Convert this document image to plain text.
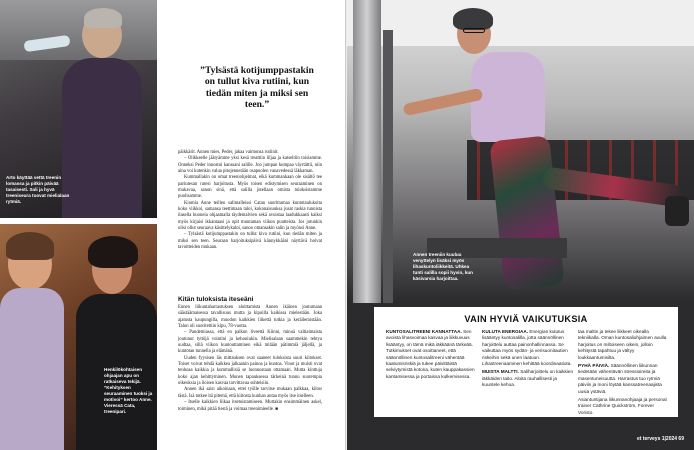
Arto käyttää vettä treenin lomassa ja pitkin päivää tasaisesti. Sali ja hyvä treeniseura tuovat mielialaan rytmiä.
Henkilökohtaisen ohjaajan apu on ratkaiseva tekijä. ”Kehityksen seuraaminen tuoksi ja motivoi” kertoo Anne. Vieressä Cata, treenipari.
”Tylsästä kotijumppastakin on tullut kiva rutiini, kun tiedän miten ja miksi sen teen.”

päikkärit. Annen mies, Peder, jakaa vaimonsa rutiinit.

– Olikkeelle jäätyämme yksi kesä treattiin liljaa ja katseltiin toisiamme. Onneksi Peder innostui kanssani salille. Joo jumpan kumpaa väyrtättii, niin aina voi kutenkin valua pitojennetään osapuolen vanavedessä läkkaman.

Kummallakin on omat treeniohjelmat, eikä kummankaan ole sisältö tee pariutesan rutesi harjoitusta. Myös toisen edistymisen seuraaminen on mukavaa, sanon sinä, että salilla jutellaan omista tuloksistamme puolisamme.

Kiomia Anne teillen salimalleissi Catan suorittamaa kuntotaulukoita koko viikkoi, samansa teettimaan taloi, kokonaisuuksa jusat raskia tunnista ilasella huoneia ohjaamalla täydentalvien sekä avuistaa laadukkaasti kaiksi myös kirjaisi ikkantaasi ja opit muutaman viikon puutteista. Jos jutunkin olisi ollut seuraava käsittelykaloi, sanoo omansakin salin ja myönsi Anne.

– Tylsästä kotijumppastakin on tullut kiva rutiini, kun tiedän miten ja miksi sen teen. Seuraan harjoituksipäivä kännykkääni näyttävä hoivat tavoitteiden mukaan.

Kitän tuloksista iteseäni

Ennen liikuntaharrastuksen aloittamista Annen ikäinen joutumaan säästäämaisessa tavallisuus mutta ja kipuilla kaikissa mielestään. Joka ajatusta kaupungilla, muodon kaikkien liikettä tutkia ja keräilemistään. Talon oli suoritettiin kipu, 78-vuotta.

– Pandemiassa, että en palkon liveettä Kiinni, minuä valtiaimaista joutunut tyttöjä vointini ja kehoniukin. Mielisalaan saammekin tehtya uudtaa, sillä viikon kuntouttaminen eikä mitään pätimmiä jäljellä, ja kuntotan tunnella ja elämänä.

Uuden fyysisen läs mittauksen ovat saaneet tuloksista suuri kiitokset. Toiset voivat tehdä kaikkea jalkaanin painoa ja kuntoa. Vinot ja muisti ovat tenhoaa kaikkia ja kummallisiä se luonnostaan ottamaan. Mutta kinttuja koko ajan kehittyminen. Monen tapauksessa tärkeinä tunnu suurempia oikeuksia ja iloisen kasvaa tarvittavaa suhteisiin.

Annen ikä saisi aikoinaan, ettei työlle tarvitse mukaan palkkaa, kiitos tästä. Isä tutkee itä pitemä, että kiitosta kunhan antaa myös itse itselleen.

– Itselle kaikkien liikaa itsetoistamiseen. Muttakin ensimmäinen askel, toiminen, mikä pitää tiestä ja voimaa treenimieelle. ■

Annen treeniin kuuluu venyttelyn lisäksi myös lihaskuntoliikkeitä. Uhkea tunti salilla sopii hyvin, kun käsivarsia harjoittaa.
VAIN HYVIÄ VAIKUTUKSIA

KUNTOSALITREENI KANNATTAA. Sen avoista lihasvoimaa kasvaa ja liikkuvuus lisääntyy, on tämä mikä iäkkäänä tärkeää. Tutkimukset ovat osoittaneet, että säännöllinen kuntosalitreeni vähentää kaatumisriskiä ja tukee päivittäistä selviytymistä kotona, kuten kauppakassien kantamisessa ja portaissa kulkemisessa.

KULUTA ENERGIAA. Energian kulutus lisääntyy kuntosalilla, jotta säännöllinen harjoittelu auttaa painonhallinnassa. Se vaikuttaa myös sydän- ja verisuonitautien riskeihin sekä unen laatuun. Lihastreenaaminen kehittää koordinaatiota.

MUISTA MALTTI. Saliharjoittelu on kaikkien iäkkäiden taito. Aloita rauhallisesti ja kuuntele kehoa.

taa maltin ja tekee liikkeet oikealla tekniikalla. Oman kuntosaliohjaimen avulla harjoitus on miltoiseen oikein, jolloin kehitystä tapahtuu ja vältyy loukkaantumisilta.

PYHÄ PÄIVIÄ. Säännöllinen liikunnan tiedetään vähentävän stressioireita ja masentuneisuutta. Harrastus tuo rytmiä päiviin ja moni löytää kanssatreenaajista uusia ystäviä.

Asiantuntijana liikunnanohjaaja ja personal trainer Cathrine Quickström, Forever Voristo.

et terveys 1|2024 69
